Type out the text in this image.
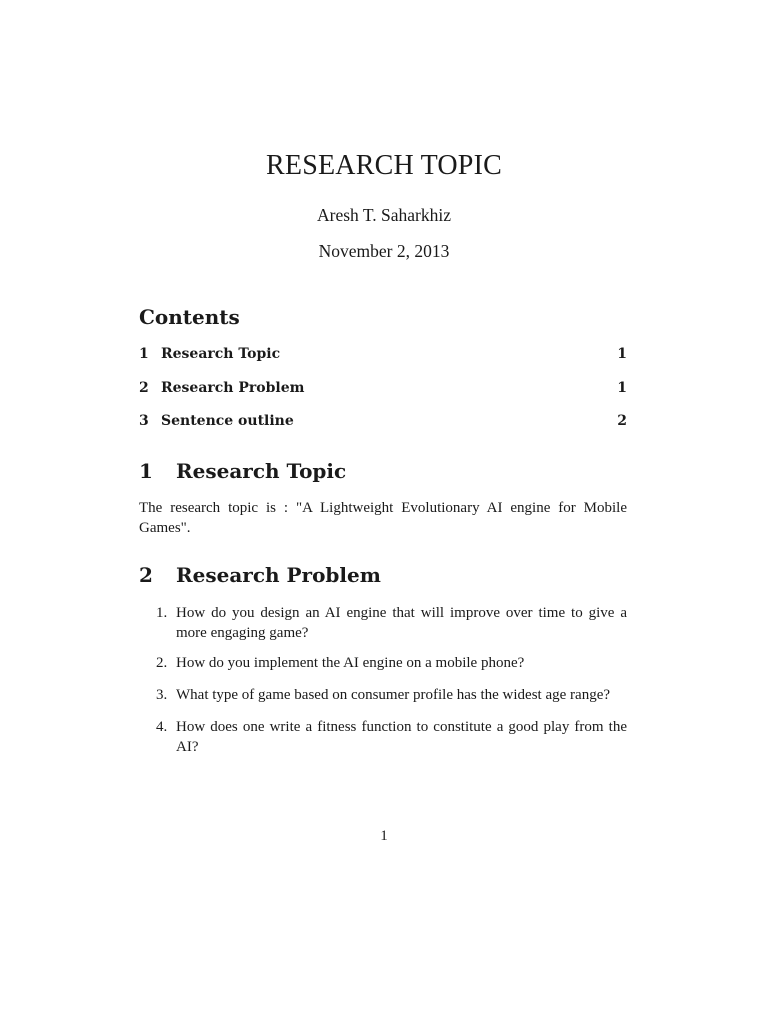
RESEARCH TOPIC
Aresh T. Saharkhiz
November 2, 2013
Contents
1 Research Topic	1
2 Research Problem	1
3 Sentence outline	2
1 Research Topic
The research topic is : "A Lightweight Evolutionary AI engine for Mobile Games".
2 Research Problem
1. How do you design an AI engine that will improve over time to give a more engaging game?
2. How do you implement the AI engine on a mobile phone?
3. What type of game based on consumer profile has the widest age range?
4. How does one write a fitness function to constitute a good play from the AI?
1
